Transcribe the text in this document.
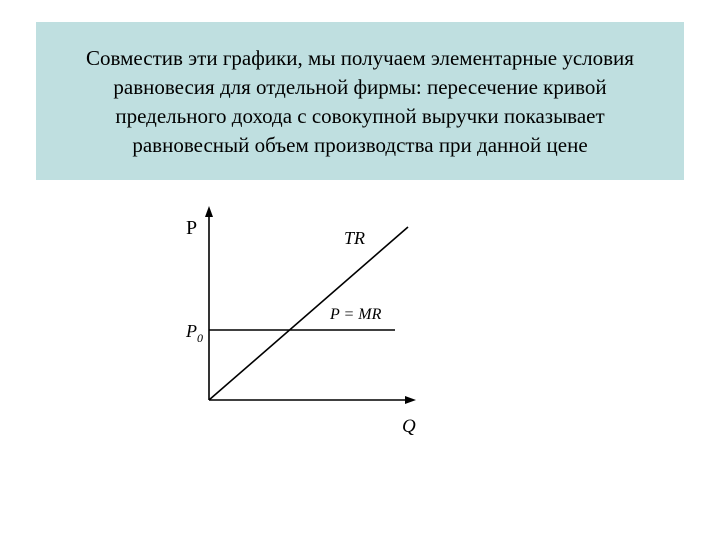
Совместив эти графики, мы получаем элементарные условия
равновесия для отдельной фирмы: пересечение кривой
предельного дохода с совокупной выручки показывает
равновесный объем производства при данной цене
P
Q
TR
P = MR
$P_0$
